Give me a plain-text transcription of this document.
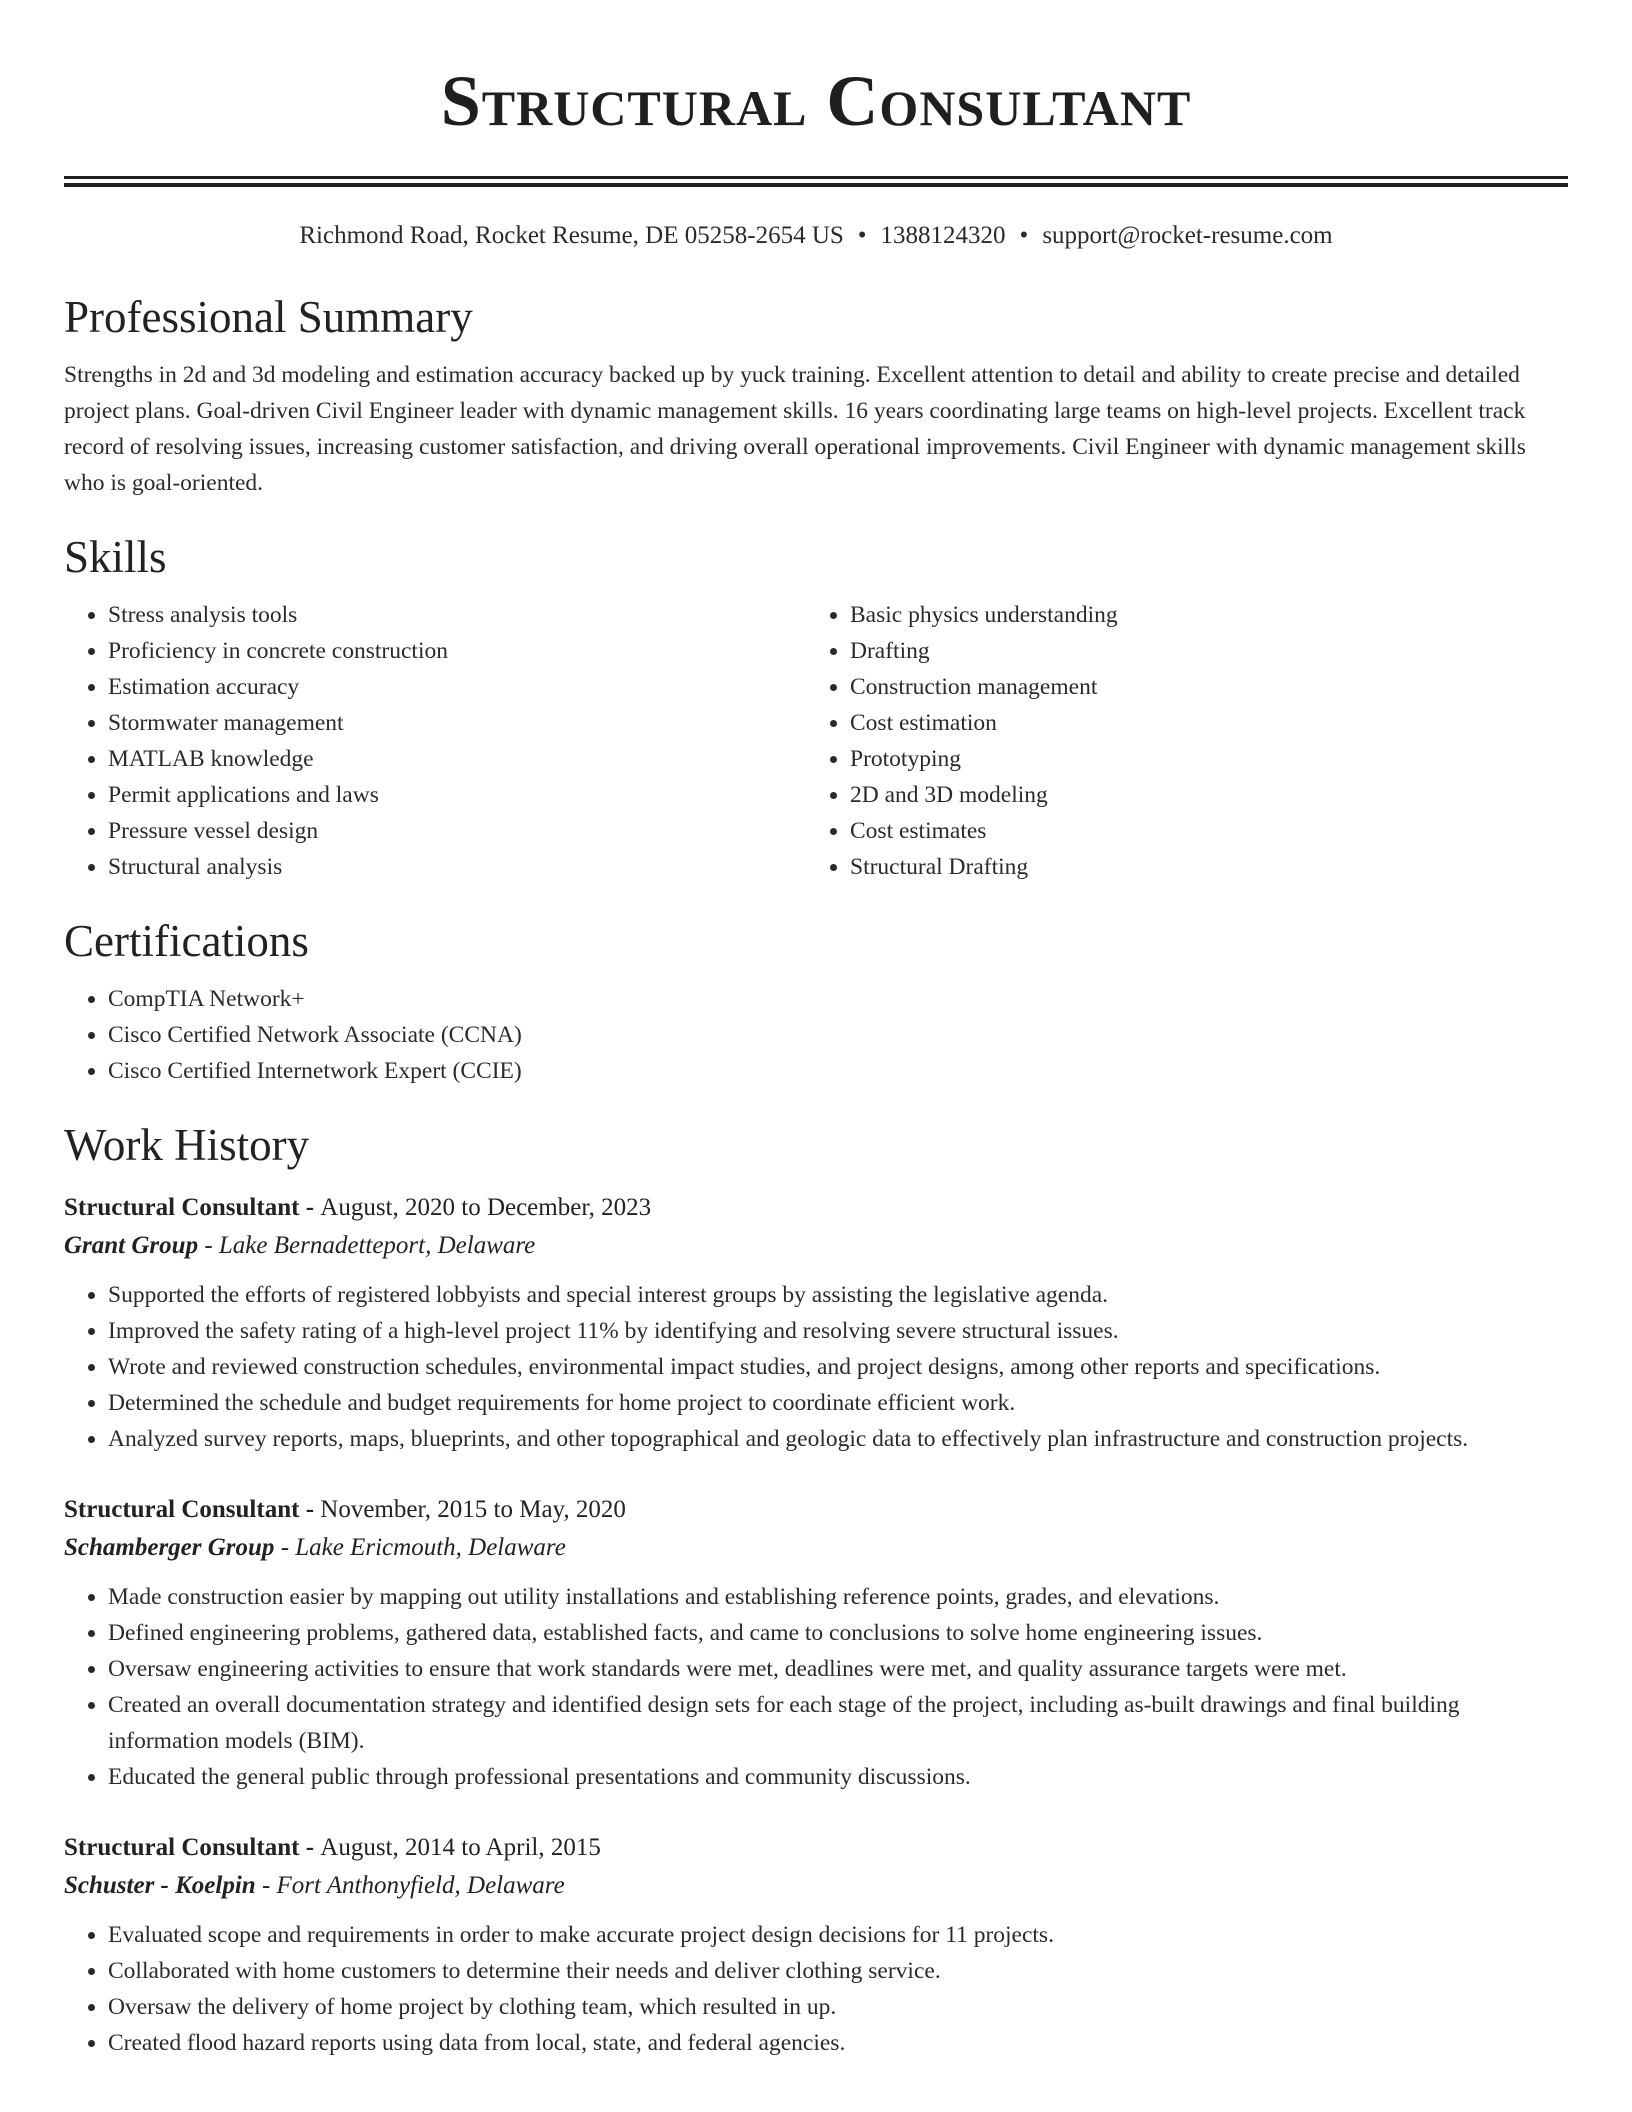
Structural Consultant
Richmond Road, Rocket Resume, DE 05258-2654 US • 1388124320 • support@rocket-resume.com
Professional Summary
Strengths in 2d and 3d modeling and estimation accuracy backed up by yuck training. Excellent attention to detail and ability to create precise and detailed project plans. Goal-driven Civil Engineer leader with dynamic management skills. 16 years coordinating large teams on high-level projects. Excellent track record of resolving issues, increasing customer satisfaction, and driving overall operational improvements. Civil Engineer with dynamic management skills who is goal-oriented.
Skills
• Stress analysis tools
• Proficiency in concrete construction
• Estimation accuracy
• Stormwater management
• MATLAB knowledge
• Permit applications and laws
• Pressure vessel design
• Structural analysis
• Basic physics understanding
• Drafting
• Construction management
• Cost estimation
• Prototyping
• 2D and 3D modeling
• Cost estimates
• Structural Drafting
Certifications
• CompTIA Network+
• Cisco Certified Network Associate (CCNA)
• Cisco Certified Internetwork Expert (CCIE)
Work History
Structural Consultant - August, 2020 to December, 2023
Grant Group - Lake Bernadetteport, Delaware
• Supported the efforts of registered lobbyists and special interest groups by assisting the legislative agenda.
• Improved the safety rating of a high-level project 11% by identifying and resolving severe structural issues.
• Wrote and reviewed construction schedules, environmental impact studies, and project designs, among other reports and specifications.
• Determined the schedule and budget requirements for home project to coordinate efficient work.
• Analyzed survey reports, maps, blueprints, and other topographical and geologic data to effectively plan infrastructure and construction projects.
Structural Consultant - November, 2015 to May, 2020
Schamberger Group - Lake Ericmouth, Delaware
• Made construction easier by mapping out utility installations and establishing reference points, grades, and elevations.
• Defined engineering problems, gathered data, established facts, and came to conclusions to solve home engineering issues.
• Oversaw engineering activities to ensure that work standards were met, deadlines were met, and quality assurance targets were met.
• Created an overall documentation strategy and identified design sets for each stage of the project, including as-built drawings and final building information models (BIM).
• Educated the general public through professional presentations and community discussions.
Structural Consultant - August, 2014 to April, 2015
Schuster - Koelpin - Fort Anthonyfield, Delaware
• Evaluated scope and requirements in order to make accurate project design decisions for 11 projects.
• Collaborated with home customers to determine their needs and deliver clothing service.
• Oversaw the delivery of home project by clothing team, which resulted in up.
• Created flood hazard reports using data from local, state, and federal agencies.
